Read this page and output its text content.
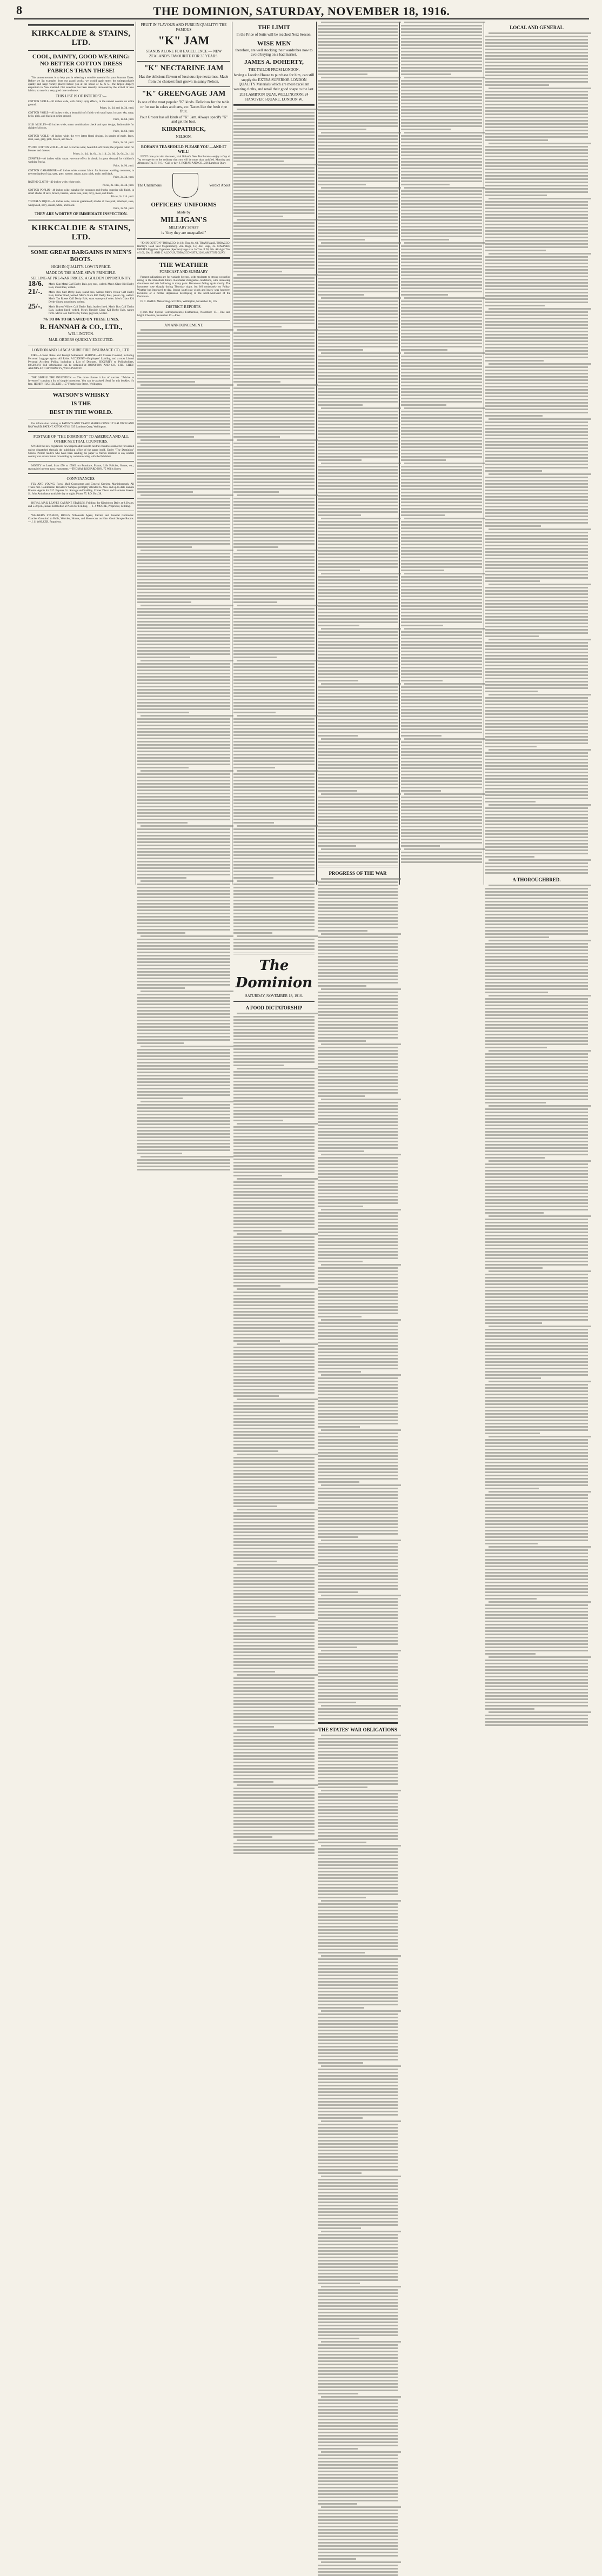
8	THE DOMINION, SATURDAY, NOVEMBER 18, 1916.
KIRKCALDIE & STAINS, LTD.
COOL, DAINTY, GOOD WEARING: NO BETTER COTTON DRESS FABRICS THAN THESE!

This announcement is to help you in selecting a suitable material for your Summer Dress. Before we list examples from our grand stocks, we would again stress the unimpeachable quality and large variety placed before you at the house of K. & S.—the largest drapery emporium in New Zealand. Our selection has been recently increased by the arrival of new fabrics, so now is a very good time to choose.

THIS LIST IS OF INTEREST:—

COTTON VOILE—30 inches wide, with dainty sprig effects, in the newest colours on white ground.
Prices, 1s. 2d. and 1s. 3d. yard.

COTTON VOILE—40 inches wide; a beautiful soft finish with small spot; in saxe, sky, navy, helio, pink, and black on white ground.
Price, 1s. 6d. yard.

SILK MUSLIN—40 inches wide; smart combination check and spot design; fashionable for children's frocks.
Price, 1s. 6d. yard.

COTTON VOILE—40 inches wide, the very latest floral designs, in shades of mole, fawn, drab, saxe, grey, pink, brown, and black.
Price, 2s. 3d. yard.

WHITE COTTON VOILE—40 and 44 inches wide; beautiful soft finish; the popular fabric for blouses and dresses.
Prices, 1s. 1d., 1s. 6d., 1s. 11d., 2s. 6d., 2s. 6d., 2s. 11d.

ZEPHYRS—40 inches wide; smart two-tone effect in check; in great demand for children's washing frocks.
Price, 1s. 9d. yard.

COTTON GABARDINE—40 inches wide; correct fabric for Summer washing costumes; in newest shades of sky, saxe, grey, tussore, cream, navy, pink, mole, and black.
Price, 2s. 3d. yard.

RATINE CLOTH—40 inches wide; white only.
Prices, 2s. 11d., 3s. 3d. yard.

COTTON POPLIN—40 inches wide; suitable for costumes and frocks; superior silk finish, in smart shades of saxe, brown, tussore, vieux rose, pink, navy, mole, and black.
Prices, 2s. 11d. yard.

TOOTAL'S PIQUE—44 inches wide; colours guaranteed; shades of rose pink, amethyst, saxe, wedgwood, navy, cream, white, and black.
Price, 2s. 9d. yard.

THEY ARE WORTHY OF IMMEDIATE INSPECTION.
KIRKCALDIE & STAINS, LTD.
SOME GREAT BARGAINS IN MEN'S BOOTS.
HIGH IN QUALITY. LOW IN PRICE.
MADE ON THE HAND-SEWN PRINCIPLE.
SELLING AT PRE-WAR PRICES. A GOLDEN OPPORTUNITY.
18/6.	Men's Gun Metal Calf Derby Bals, peg toes, welted. Men's Glace Kid Derby Bals, round toes, welted.
21/-.	Men's Box Calf Derby Bals, round toes, welted. Men's Velour Calf Derby Bals, leather lined, welted. Men's Glace Kid Derby Bals, patent cap, welted. Men's Tan Russet Calf Derby Bals, stout waterproof soles. Men's Glace Kid Derby Shoes, round toes, welted.
25/-.	Men's Brown Willow Calf Derby Bals, leather lined. Men's Box Calf Derby Bals, leather lined, welted. Men's Flexible Glace Kid Derby Bals, nature form. Men's Box Calf Derby Shoes, peg toes, welted.
7/6 TO 8/6 TO BE SAVED ON THESE LINES.
R. HANNAH & CO., LTD.,
WELLINGTON.
MAIL ORDERS QUICKLY EXECUTED.
LONDON AND LANCASHIRE FIRE INSURANCE CO., LTD.

FIRE—Lowest Rates and Prompt Settlement. MARINE—All Classes Covered, including Personal Luggage against All Risks. ACCIDENT—Employers' Liability, and a most Liberal Personal Accident Policy, including a List of Diseases. SECURITY to Policyholders, £8,549,470. Full information can be obtained at JOHNSTON AND CO., LTD., CHIEF AGENTS AND ATTORNEYS, WELLINGTON.

THE SIMPLE THE INVENTION — The more chance it has of success. "Advice to Inventors" contains a list of simple inventions. You can be assisted. Send for this booklet; it's free. HENRY HUGHES, LTD., 157 Featherston Street, Wellington.

WATSON'S WHISKY
IS THE
BEST IN THE WORLD.

For information relating to PATENTS AND TRADE MARKS CONSULT BALDWIN AND RAYWARD, PATENT ATTORNEYS, 335 Lambton Quay, Wellington.

POSTAGE OF "THE DOMINION" TO AMERICA AND ALL OTHER NEUTRAL COUNTRIES.

UNDER the new regulations newspapers addressed to neutral countries cannot be forwarded unless dispatched through the publishing office of the paper itself. Under "The Dominion" Special Permit readers who have been sending the paper to friends resident in any neutral country can secure future forwarding by communicating with the Publisher.

MONEY to Lend, from £50 to £5000 on Furniture, Pianos, Life Policies, Shares, etc.; reasonable interest; easy repayments.—THOMAS RICHARDSON, 75 Willis Street.

CONVEYANCES.

FLY AND YOUNG, Royal Mail Contractors and General Carriers, Martinborough. All Trains met. Commercial Travellers' Samples promptly attended to. New and up-to-date Sample Rooms. Agents for N.Z. Express Co. Storage and Stabling. Corner Dixon and Bannister Streets. St. John Ambulance available day or night. Phone 75. P.O. Box 38.

ROYAL MAIL LEAVES CARRINE STABLES, Feilding, for Kimbolton Daily at 9.30 a.m. and 5.30 p.m., leaves Kimbolton at Noon for Feilding. — J. J. MOORE, Proprietor, Feilding.

WALKER'S STABLES, BULLS, Wholesale Agent, Carrier, and General Contractor. Coaches Greatford to Bulls, Vehicles, Horses, and Motor-cars on Hire. Good Sample Rooms. — J. S. WALKER, Proprietor.

FRUIT IN FLAVOUR AND PURE IN QUALITY! THE FAMOUS
"K" JAM
STANDS ALONE FOR EXCELLENCE — NEW ZEALAND'S FAVOURITE FOR 35 YEARS.
"K" NECTARINE JAM
Has the delicious flavour of luscious ripe nectarines. Made from the choicest fruit grown in sunny Nelson.
"K" GREENGAGE JAM
Is one of the most popular "K" kinds. Delicious for the table or for use in cakes and tarts, etc. Tastes like the fresh ripe fruit.
Your Grocer has all kinds of "K" Jam. Always specify "K" and get the best.
KIRKPATRICK,
NELSON.
ROHAN'S TEA SHOULD PLEASE YOU —AND IT WILL!

NEXT time you visit the town, visit Rohan's New Tea Rooms—enjoy a Cup of Tea so superior to the ordinary that you will be more than satisfied. Morning and Afternoon Tea. H. P. S.—Call to-day. J. ROHAN AND CO., 226 Lambton Quay.

The Unanimous	Verdict About
OFFICERS' UNIFORMS
Made by
MILLIGAN'S
MILITARY STAFF
is "they they are unequalled."

"JOHN COTTON" TOBACCO, in 1lb. Tins, 8s. 6d. TRANSVAAL TOBACCO, Hartley's Lead Seal Magaliesberg. 2oz. Bags, 1s.; 4oz. Bags, 2s. MASPERO FRERES Egyptian Cigarettes (Specials) large size. In Tins of 50, 10s. Air-tight Tins of 100, 20s. G. AND C. ALDOUS, TOBACCONISTS, 226 LAMBTON QUAY.

THE WEATHER
FORECAST AND SUMMARY

Present indications are for variable breezes, with moderate to strong westerlies ruling in the immediate future. Barometer changeable conditions, with increasing cloudiness and rain following in many parts. Barometer falling again shortly. The barometer rose sharply during Thursday night, but fell moderately on Friday. Weather has improved to-day. Strong south-east winds and heavy seas however. Evidence of a further depression developing in the north-westward of the Dominion.

D. C. BATES. Meteorological Office, Wellington, November 17, 11h.

DISTRICT REPORTS.

(From Our Special Correspondents.) Featherston, November 17.—Fine and bright. Cheviots, November 17.—Fine.

AN ANNOUNCEMENT.
THE LIMIT
In the Price of Suits will be reached Next Season.
WISE MEN
therefore, are well stocking their wardrobes now to avoid buying on a bad market.
JAMES A. DOHERTY,
THE TAILOR FROM LONDON,
having a London House to purchase for him, can still supply the EXTRA SUPERIOR LONDON QUALITY Materials which are most excellent wearing cloths, and retail their good shape to the last.
203 LAMBTON QUAY, WELLINGTON; 24 HANOVER SQUARE, LONDON W.
The Dominion
SATURDAY, NOVEMBER 18, 1916.
A FOOD DICTATORSHIP
PROGRESS OF THE WAR
THE STATES' WAR OBLIGATIONS
LOCAL AND GENERAL
A THOROUGHBRED.
